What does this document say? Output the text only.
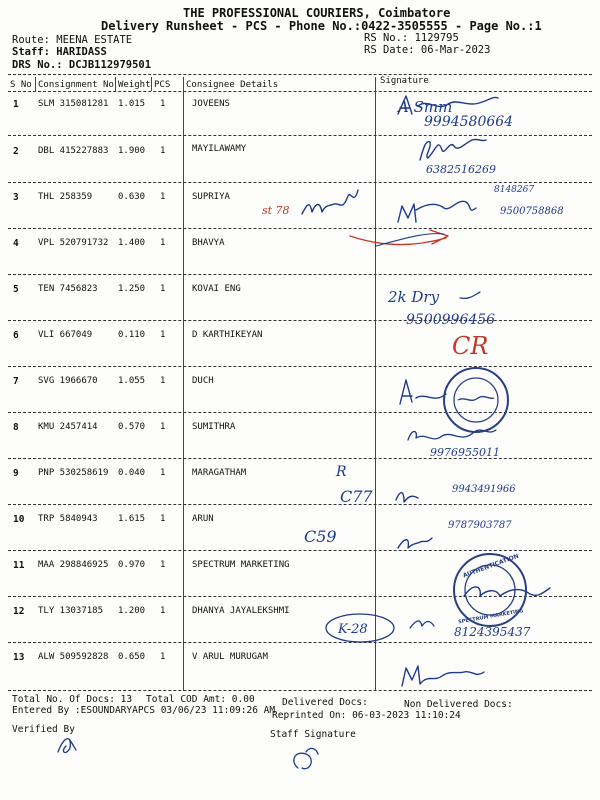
THE PROFESSIONAL COURIERS, Coimbatore
Delivery Runsheet - PCS - Phone No.:0422-3505555 - Page No.:1
Route: MEENA ESTATE
Staff: HARIDASS
DRS No.: DCJB112979501
RS No.: 1129795
RS Date: 06-Mar-2023
S No Consignment No Weight PCS Consignee Details	Signature
1 SLM 315081281 1.015 1	JOVEENS
2 DBL 415227883 1.900 1	MAYILAWAMY
3 THL 258359	0.630 1	SUPRIYA
4 VPL 520791732 1.400 1	BHAVYA
5 TEN 7456823 1.250 1	KOVAI ENG
6 VLI 667049	0.110 1	D KARTHIKEYAN
7 SVG 1966670 1.055 1	DUCH
8 KMU 2457414 0.570 1	SUMITHRA
9 PNP 530258619 0.040 1	MARAGATHAM
10 TRP 5840943 1.615 1	ARUN
11 MAA 298846925 0.970 1	SPECTRUM MARKETING
12 TLY 13037185 1.200 1	DHANYA JAYALEKSHMI
13 ALW 509592828 0.650 1	V ARUL MURUGAM
Total No. Of Docs: 13 Total COD Amt: 0.00	Delivered Docs:	Non Delivered Docs:
Entered By :ESOUNDARYAPCS 03/06/23 11:09:26 AM
Reprinted On: 06-03-2023 11:10:24
Verified By	Staff Signature
A Smm
9994580664
6382516269
8148267
9500758868
st 78
2k Dry
9500996456
CR
9976955011
R
C77	9943491966
C59
9787903787
K-28	8124395437
AUTHENTICATION
SPECTRUM MARKETING
